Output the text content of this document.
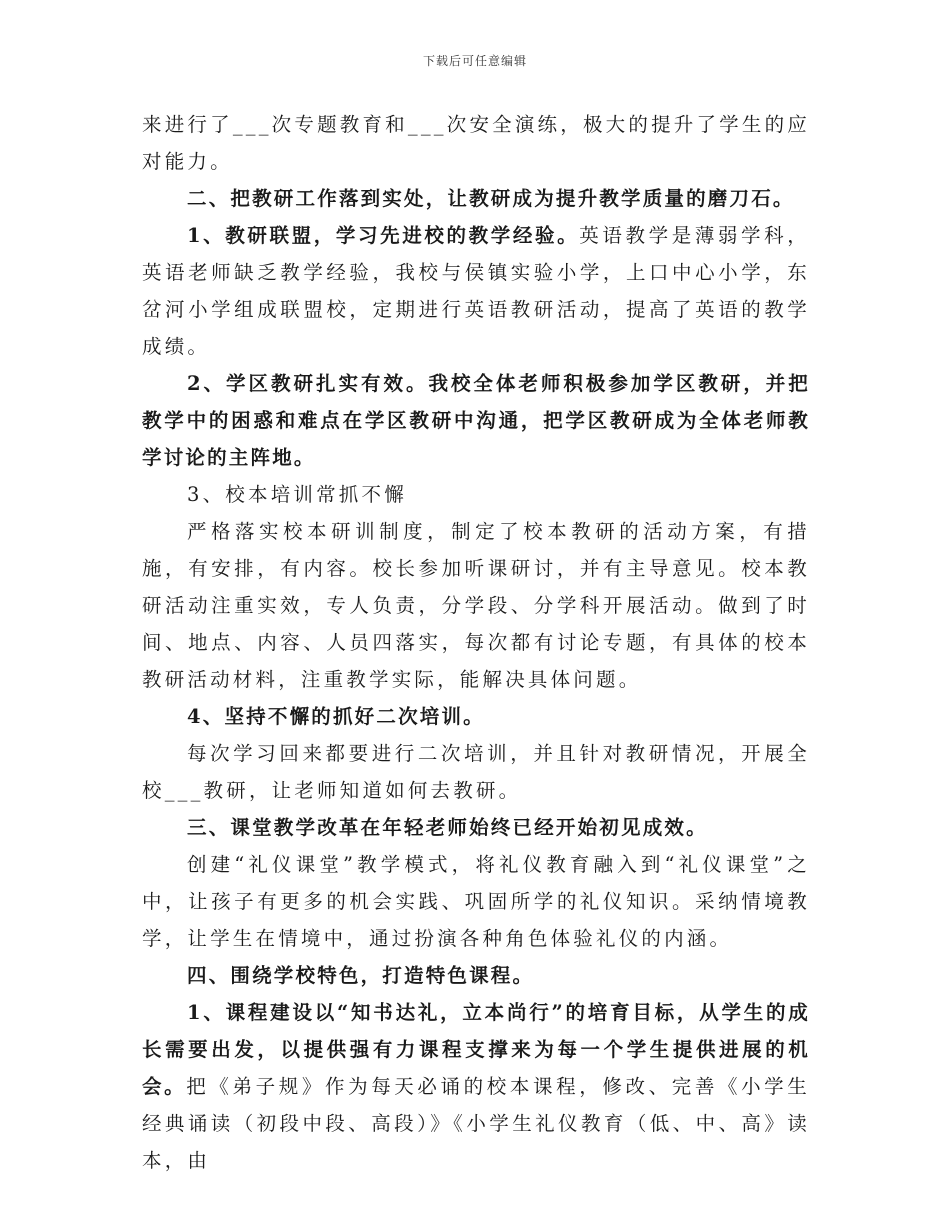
下载后可任意编辑

来进行了___次专题教育和___次安全演练，极大的提升了学生的应对能力。

二、把教研工作落到实处，让教研成为提升教学质量的磨刀石。

1、教研联盟，学习先进校的教学经验。英语教学是薄弱学科，英语老师缺乏教学经验，我校与侯镇实验小学，上口中心小学，东岔河小学组成联盟校，定期进行英语教研活动，提高了英语的教学成绩。

2、学区教研扎实有效。我校全体老师积极参加学区教研，并把教学中的困惑和难点在学区教研中沟通，把学区教研成为全体老师教学讨论的主阵地。

3、校本培训常抓不懈

严格落实校本研训制度，制定了校本教研的活动方案，有措施，有安排，有内容。校长参加听课研讨，并有主导意见。校本教研活动注重实效，专人负责，分学段、分学科开展活动。做到了时间、地点、内容、人员四落实，每次都有讨论专题，有具体的校本教研活动材料，注重教学实际，能解决具体问题。

4、坚持不懈的抓好二次培训。

每次学习回来都要进行二次培训，并且针对教研情况，开展全校___教研，让老师知道如何去教研。

三、课堂教学改革在年轻老师始终已经开始初见成效。

创建“礼仪课堂”教学模式，将礼仪教育融入到“礼仪课堂”之中，让孩子有更多的机会实践、巩固所学的礼仪知识。采纳情境教学，让学生在情境中，通过扮演各种角色体验礼仪的内涵。

四、围绕学校特色，打造特色课程。

1、课程建设以“知书达礼，立本尚行”的培育目标，从学生的成长需要出发，以提供强有力课程支撑来为每一个学生提供进展的机会。把《弟子规》作为每天必诵的校本课程，修改、完善《小学生经典诵读（初段中段、高段）》《小学生礼仪教育（低、中、高》读本，由
